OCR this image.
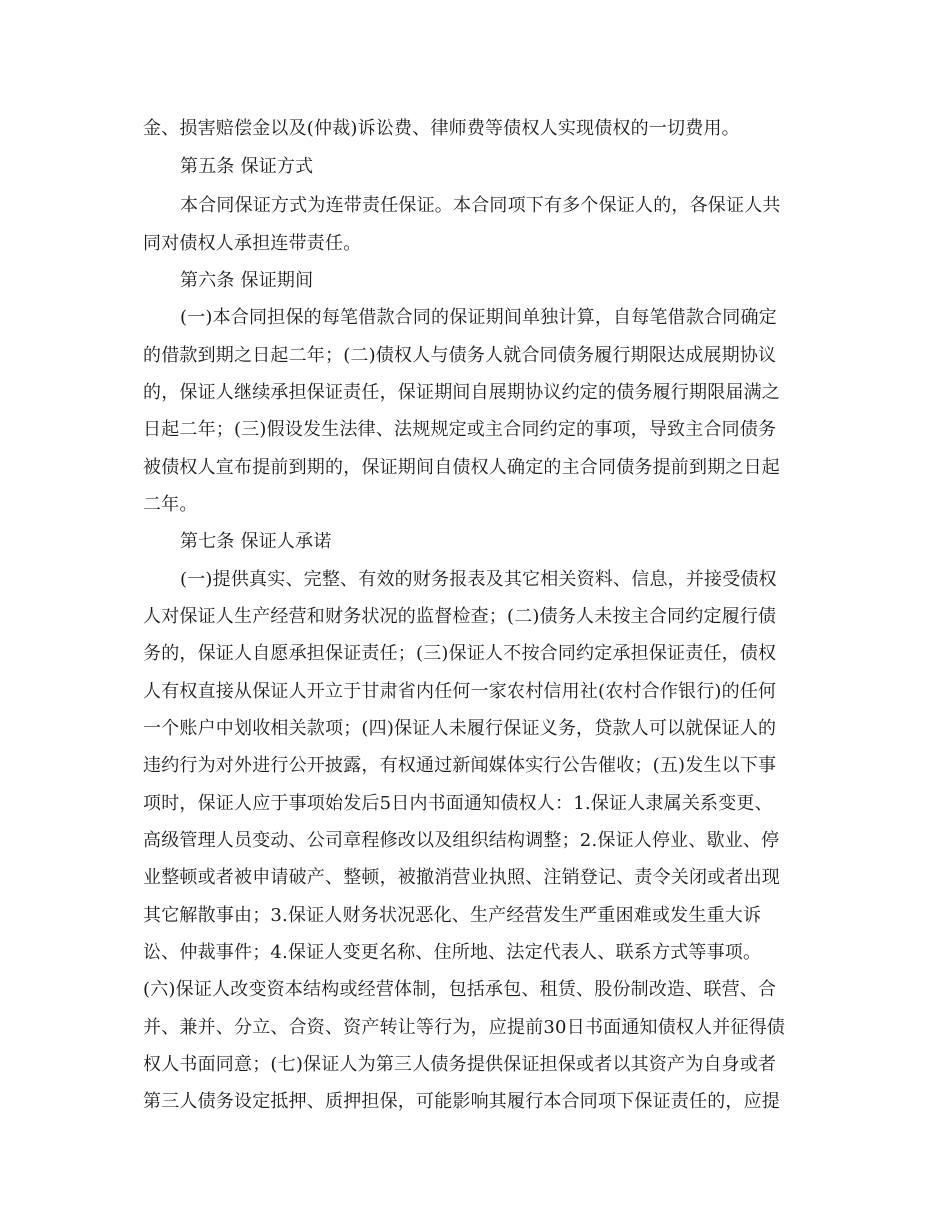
金、损害赔偿金以及(仲裁)诉讼费、律师费等债权人实现债权的一切费用。
第五条 保证方式
本合同保证方式为连带责任保证。本合同项下有多个保证人的，各保证人共
同对债权人承担连带责任。
第六条 保证期间
(一)本合同担保的每笔借款合同的保证期间单独计算，自每笔借款合同确定
的借款到期之日起二年；(二)债权人与债务人就合同债务履行期限达成展期协议
的，保证人继续承担保证责任，保证期间自展期协议约定的债务履行期限届满之
日起二年；(三)假设发生法律、法规规定或主合同约定的事项，导致主合同债务
被债权人宣布提前到期的，保证期间自债权人确定的主合同债务提前到期之日起
二年。
第七条 保证人承诺
(一)提供真实、完整、有效的财务报表及其它相关资料、信息，并接受债权
人对保证人生产经营和财务状况的监督检查；(二)债务人未按主合同约定履行债
务的，保证人自愿承担保证责任；(三)保证人不按合同约定承担保证责任，债权
人有权直接从保证人开立于甘肃省内任何一家农村信用社(农村合作银行)的任何
一个账户中划收相关款项；(四)保证人未履行保证义务，贷款人可以就保证人的
违约行为对外进行公开披露，有权通过新闻媒体实行公告催收；(五)发生以下事
项时，保证人应于事项始发后5日内书面通知债权人：1.保证人隶属关系变更、
高级管理人员变动、公司章程修改以及组织结构调整；2.保证人停业、歇业、停
业整顿或者被申请破产、整顿，被撤消营业执照、注销登记、责令关闭或者出现
其它解散事由；3.保证人财务状况恶化、生产经营发生严重困难或发生重大诉
讼、仲裁事件；4.保证人变更名称、住所地、法定代表人、联系方式等事项。
(六)保证人改变资本结构或经营体制，包括承包、租赁、股份制改造、联营、合
并、兼并、分立、合资、资产转让等行为，应提前30日书面通知债权人并征得债
权人书面同意；(七)保证人为第三人债务提供保证担保或者以其资产为自身或者
第三人债务设定抵押、质押担保，可能影响其履行本合同项下保证责任的，应提
